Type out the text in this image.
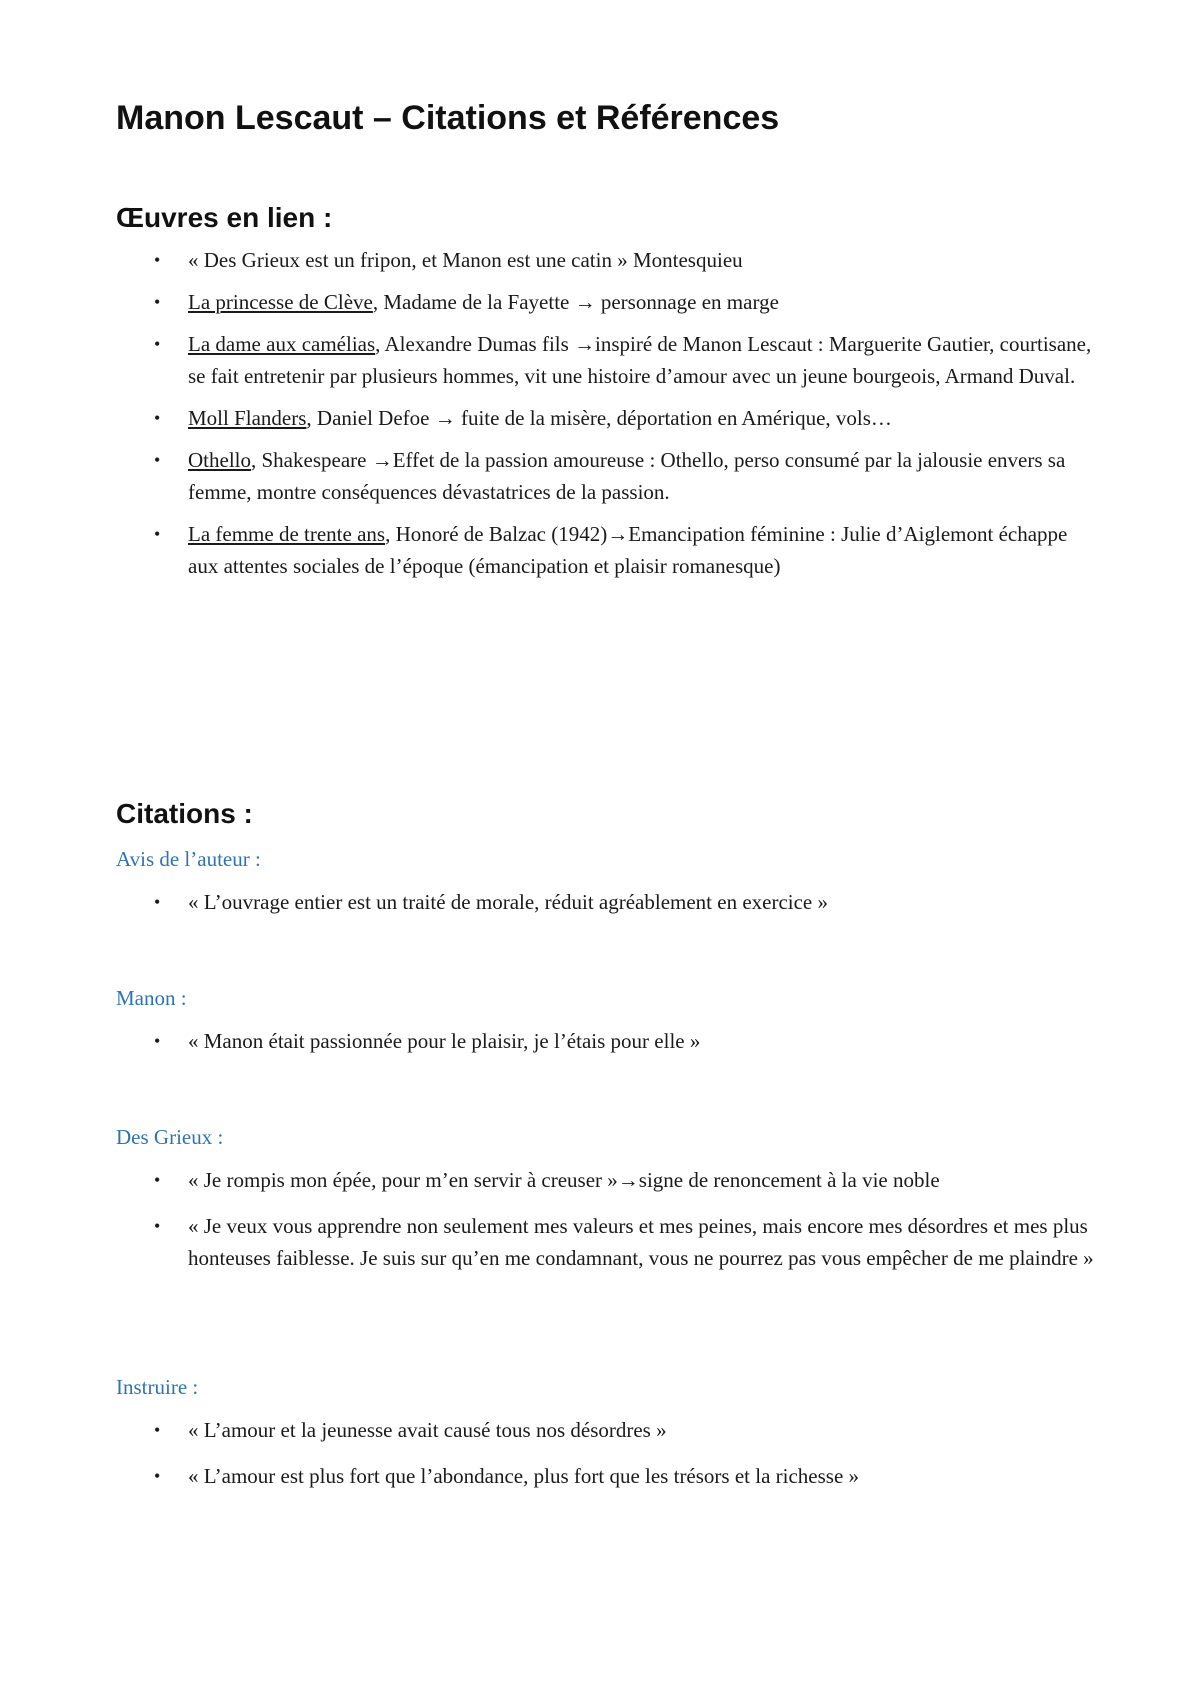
Manon Lescaut – Citations et Références
Œuvres en lien :
• « Des Grieux est un fripon, et Manon est une catin » Montesquieu
• La princesse de Clève, Madame de la Fayette → personnage en marge
• La dame aux camélias, Alexandre Dumas fils →inspiré de Manon Lescaut : Marguerite Gautier, courtisane, se fait entretenir par plusieurs hommes, vit une histoire d’amour avec un jeune bourgeois, Armand Duval.
• Moll Flanders, Daniel Defoe → fuite de la misère, déportation en Amérique, vols…
• Othello, Shakespeare →Effet de la passion amoureuse : Othello, perso consumé par la jalousie envers sa femme, montre conséquences dévastatrices de la passion.
• La femme de trente ans, Honoré de Balzac (1942)→Emancipation féminine : Julie d’Aiglemont échappe aux attentes sociales de l’époque (émancipation et plaisir romanesque)
Citations :

Avis de l’auteur :

• « L’ouvrage entier est un traité de morale, réduit agréablement en exercice »

Manon :

• « Manon était passionnée pour le plaisir, je l’étais pour elle »

Des Grieux :

• « Je rompis mon épée, pour m’en servir à creuser »→signe de renoncement à la vie noble
• « Je veux vous apprendre non seulement mes valeurs et mes peines, mais encore mes désordres et mes plus honteuses faiblesse. Je suis sur qu’en me condamnant, vous ne pourrez pas vous empêcher de me plaindre »

Instruire :

• « L’amour et la jeunesse avait causé tous nos désordres »
• « L’amour est plus fort que l’abondance, plus fort que les trésors et la richesse »
